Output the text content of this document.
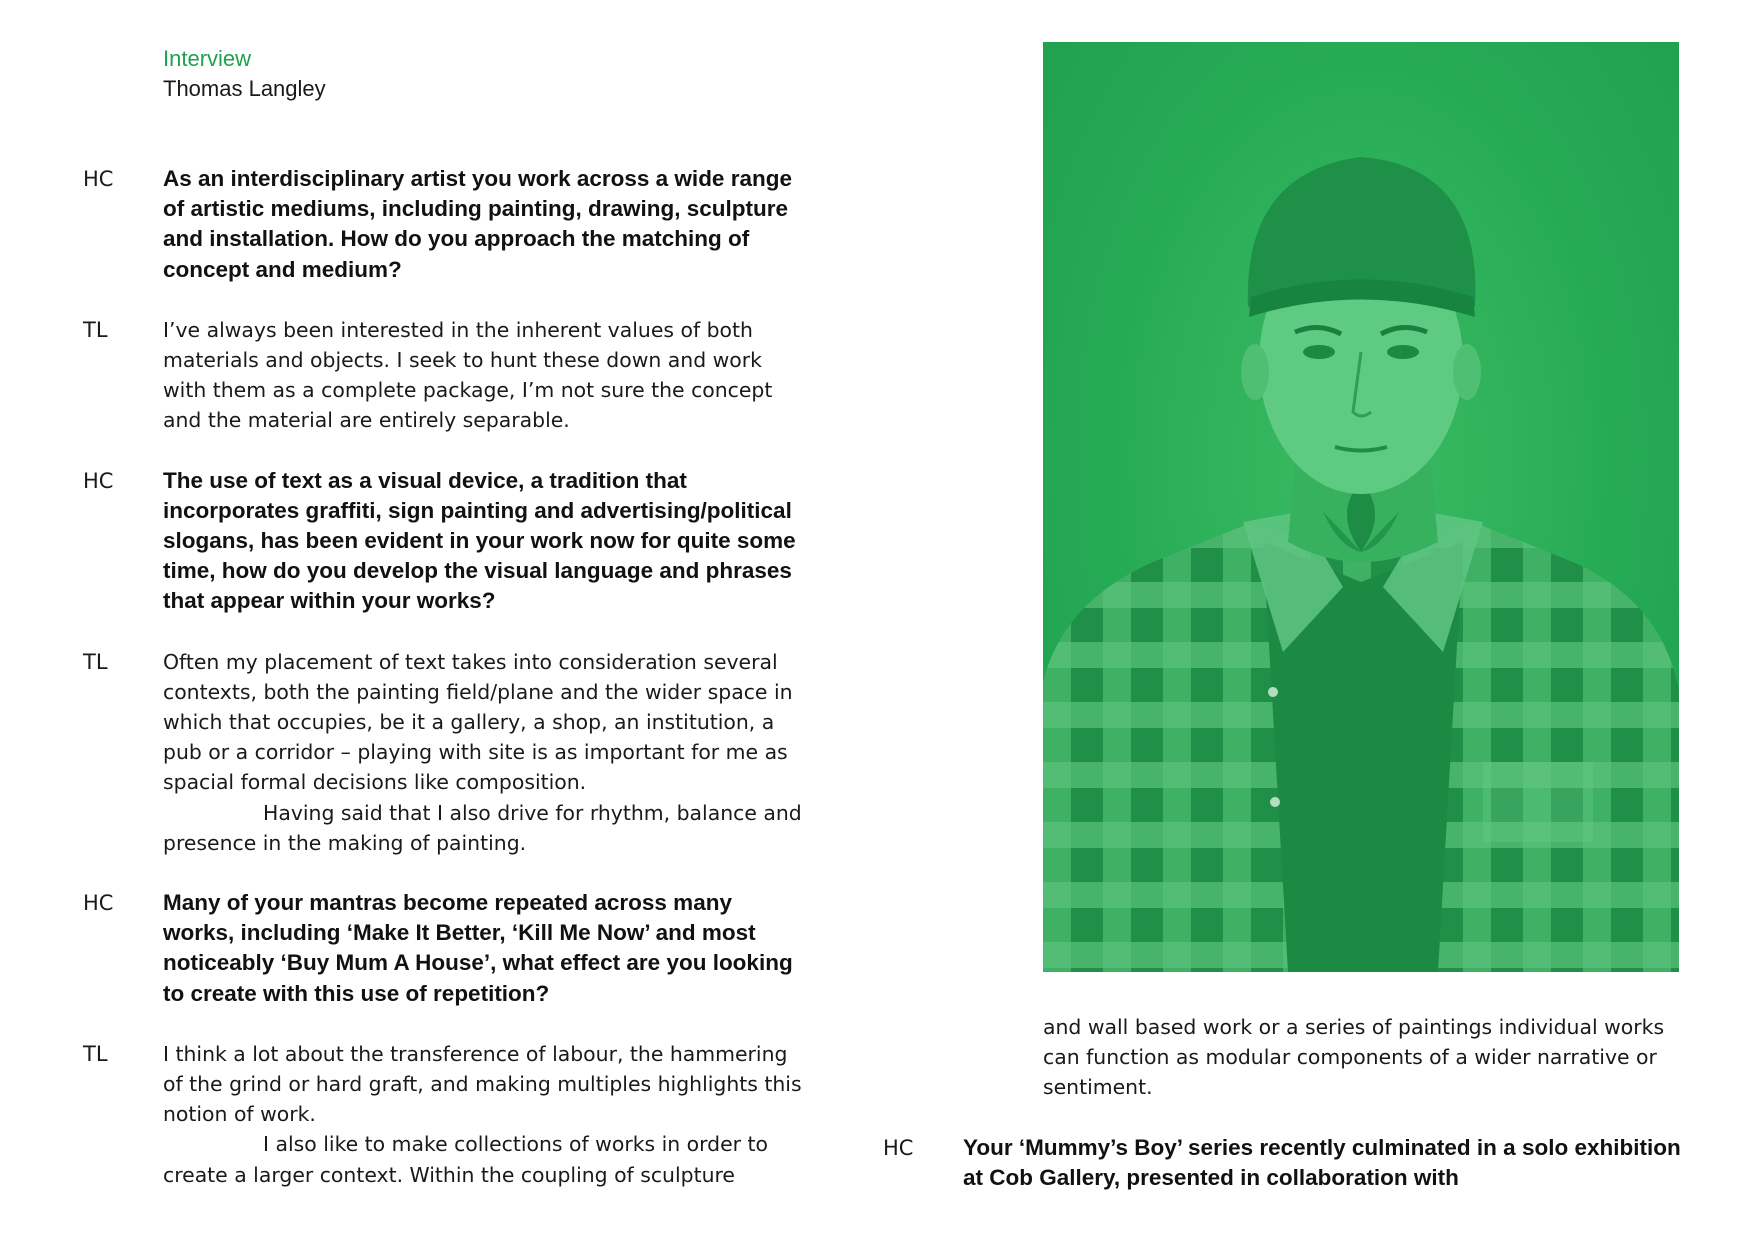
Interview
Thomas Langley
HC As an interdisciplinary artist you work across a wide range of artistic mediums, including painting, drawing, sculpture and installation. How do you approach the matching of concept and medium?

TL	I’ve always been interested in the inherent values of both materials and objects. I seek to hunt these down and work with them as a complete package, I’m not sure the concept and the material are entirely separable.

HC The use of text as a visual device, a tradition that incorporates graffiti, sign painting and advertising/political slogans, has been evident in your work now for quite some time, how do you develop the visual language and phrases that appear within your works?

TL	Often my placement of text takes into consideration several contexts, both the painting field/plane and the wider space in which that occupies, be it a gallery, a shop, an institution, a pub or a corridor – playing with site is as important for me as spacial formal decisions like composition.

Having said that I also drive for rhythm, balance and presence in the making of painting.

HC Many of your mantras become repeated across many works, including ‘Make It Better, ‘Kill Me Now’ and most noticeably ‘Buy Mum A House’, what effect are you looking to create with this use of repetition?

TL	I think a lot about the transference of labour, the hammering of the grind or hard graft, and making multiples highlights this notion of work.

I also like to make collections of works in order to create a larger context. Within the coupling of sculpture

and wall based work or a series of paintings individual works can function as modular components of a wider narrative or sentiment.

HC Your ‘Mummy’s Boy’ series recently culminated in a solo exhibition at Cob Gallery, presented in collaboration with
